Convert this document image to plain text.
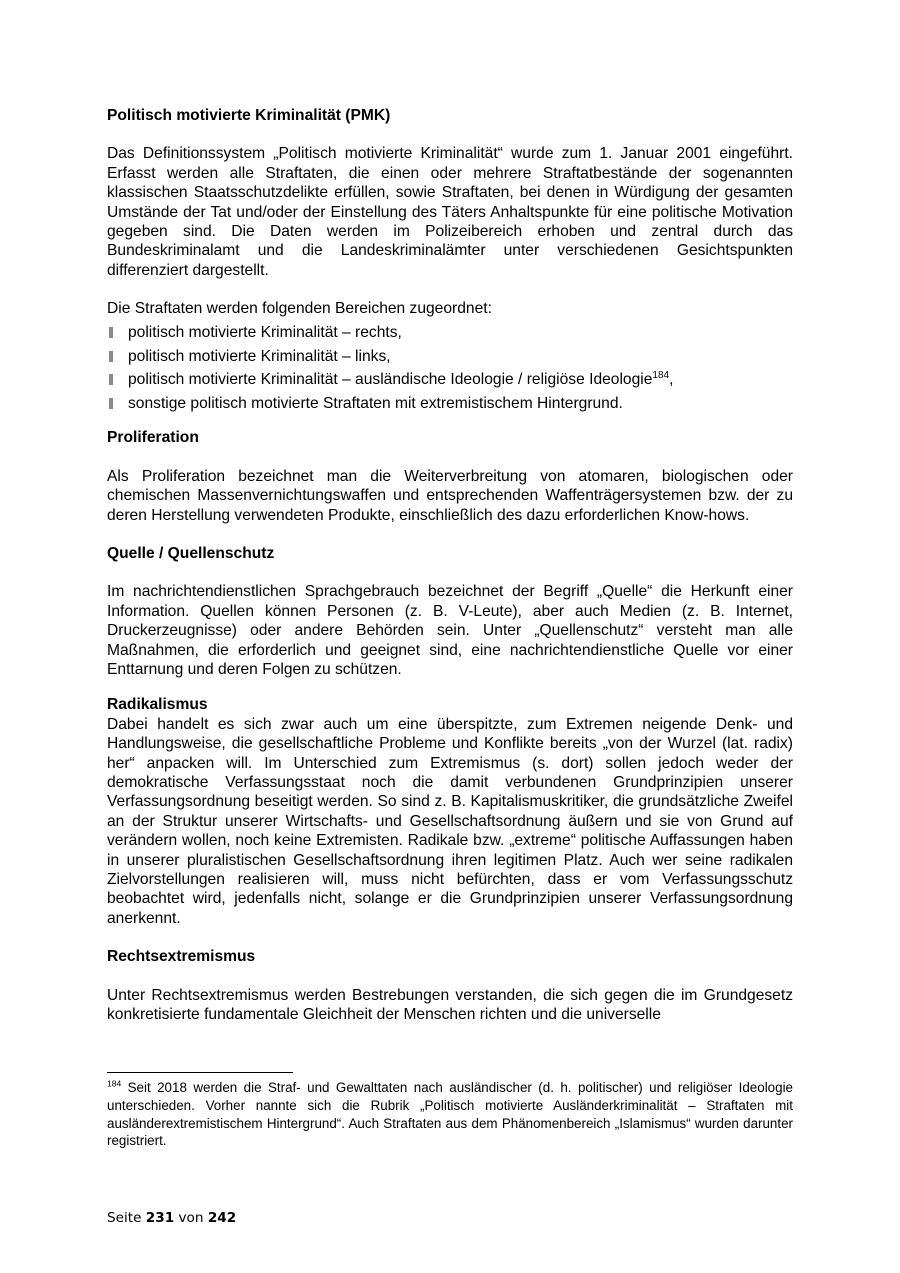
Politisch motivierte Kriminalität (PMK)

Das Definitionssystem „Politisch motivierte Kriminalität“ wurde zum 1. Januar 2001 eingeführt. Erfasst werden alle Straftaten, die einen oder mehrere Straftatbestände der sogenannten klassischen Staatsschutzdelikte erfüllen, sowie Straftaten, bei denen in Würdigung der gesamten Umstände der Tat und/oder der Einstellung des Täters Anhaltspunkte für eine politische Motivation gegeben sind. Die Daten werden im Polizeibereich erhoben und zentral durch das Bundeskriminalamt und die Landeskriminalämter unter verschiedenen Gesichtspunkten differenziert dargestellt.

Die Straftaten werden folgenden Bereichen zugeordnet:

politisch motivierte Kriminalität – rechts,
politisch motivierte Kriminalität – links,
politisch motivierte Kriminalität – ausländische Ideologie / religiöse Ideologie$^{184}$,
sonstige politisch motivierte Straftaten mit extremistischem Hintergrund.
Proliferation

Als Proliferation bezeichnet man die Weiterverbreitung von atomaren, biologischen oder chemischen Massenvernichtungswaffen und entsprechenden Waffenträgersystemen bzw. der zu deren Herstellung verwendeten Produkte, einschließlich des dazu erforderlichen Know-hows.

Quelle / Quellenschutz

Im nachrichtendienstlichen Sprachgebrauch bezeichnet der Begriff „Quelle“ die Herkunft einer Information. Quellen können Personen (z. B. V-Leute), aber auch Medien (z. B. Internet, Druckerzeugnisse) oder andere Behörden sein. Unter „Quellenschutz“ versteht man alle Maßnahmen, die erforderlich und geeignet sind, eine nachrichtendienstliche Quelle vor einer Enttarnung und deren Folgen zu schützen.

Radikalismus

Dabei handelt es sich zwar auch um eine überspitzte, zum Extremen neigende Denk- und Handlungsweise, die gesellschaftliche Probleme und Konflikte bereits „von der Wurzel (lat. radix) her“ anpacken will. Im Unterschied zum Extremismus (s. dort) sollen jedoch weder der demokratische Verfassungsstaat noch die damit verbundenen Grundprinzipien unserer Verfassungsordnung beseitigt werden. So sind z. B. Kapitalismuskritiker, die grundsätzliche Zweifel an der Struktur unserer Wirtschafts- und Gesellschaftsordnung äußern und sie von Grund auf verändern wollen, noch keine Extremisten. Radikale bzw. „extreme“ politische Auffassungen haben in unserer pluralistischen Gesellschaftsordnung ihren legitimen Platz. Auch wer seine radikalen Zielvorstellungen realisieren will, muss nicht befürchten, dass er vom Verfassungsschutz beobachtet wird, jedenfalls nicht, solange er die Grundprinzipien unserer Verfassungsordnung anerkennt.

Rechtsextremismus

Unter Rechtsextremismus werden Bestrebungen verstanden, die sich gegen die im Grundgesetz konkretisierte fundamentale Gleichheit der Menschen richten und die universelle

$^{184}$ Seit 2018 werden die Straf- und Gewalttaten nach ausländischer (d. h. politischer) und religiöser Ideologie unterschieden. Vorher nannte sich die Rubrik „Politisch motivierte Ausländerkriminalität – Straftaten mit ausländerextremistischem Hintergrund“. Auch Straftaten aus dem Phänomenbereich „Islamismus“ wurden darunter registriert.
Seite 231 von 242
